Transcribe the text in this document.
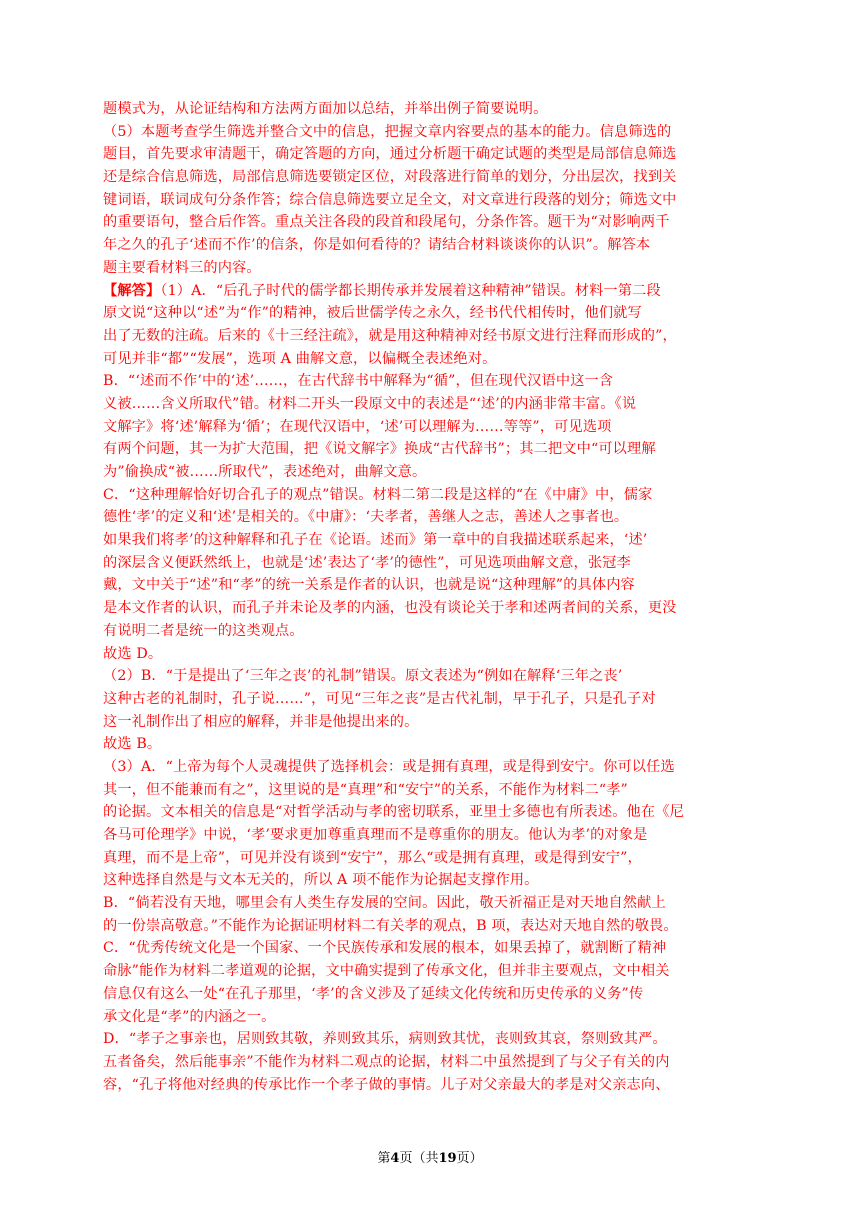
题模式为，从论证结构和方法两方面加以总结，并举出例子简要说明。
（5）本题考查学生筛选并整合文中的信息，把握文章内容要点的基本的能力。信息筛选的
题目，首先要求审清题干，确定答题的方向，通过分析题干确定试题的类型是局部信息筛选
还是综合信息筛选，局部信息筛选要锁定区位，对段落进行简单的划分，分出层次，找到关
键词语，联词成句分条作答；综合信息筛选要立足全文，对文章进行段落的划分；筛选文中
的重要语句，整合后作答。重点关注各段的段首和段尾句，分条作答。题干为“对影响两千
年之久的孔子‘述而不作’的信条，你是如何看待的？请结合材料谈谈你的认识”。解答本
题主要看材料三的内容。
【解答】（1）A．“后孔子时代的儒学都长期传承并发展着这种精神”错误。材料一第二段
原文说“这种以“述”为“作”的精神，被后世儒学传之永久，经书代代相传时，他们就写
出了无数的注疏。后来的《十三经注疏》，就是用这种精神对经书原文进行注释而形成的”，
可见并非“都”“发展”，选项 A 曲解文意，以偏概全表述绝对。
B．“‘述而不作’中的‘述’……，在古代辞书中解释为“循”，但在现代汉语中这一含
义被……含义所取代”错。材料二开头一段原文中的表述是“‘述’的内涵非常丰富。《说
文解字》将‘述’解释为‘循’；在现代汉语中，‘述’可以理解为……等等”，可见选项
有两个问题，其一为扩大范围，把《说文解字》换成“古代辞书”；其二把文中“可以理解
为”偷换成“被……所取代”，表述绝对，曲解文意。
C．“这种理解恰好切合孔子的观点”错误。材料二第二段是这样的“在《中庸》中，儒家
德性‘孝’的定义和‘述’是相关的。《中庸》：‘夫孝者，善继人之志，善述人之事者也。
如果我们将孝’的这种解释和孔子在《论语。述而》第一章中的自我描述联系起来，‘述’
的深层含义便跃然纸上，也就是‘述’表达了‘孝’的德性”，可见选项曲解文意，张冠李
戴，文中关于“述”和“孝”的统一关系是作者的认识，也就是说“这种理解”的具体内容
是本文作者的认识，而孔子并未论及孝的内涵，也没有谈论关于孝和述两者间的关系，更没
有说明二者是统一的这类观点。
故选 D。
（2）B．“于是提出了‘三年之丧’的礼制”错误。原文表述为“例如在解释‘三年之丧’
这种古老的礼制时，孔子说……”，可见“三年之丧”是古代礼制，早于孔子，只是孔子对
这一礼制作出了相应的解释，并非是他提出来的。
故选 B。
（3）A．“上帝为每个人灵魂提供了选择机会：或是拥有真理，或是得到安宁。你可以任选
其一，但不能兼而有之”，这里说的是“真理”和“安宁”的关系，不能作为材料二“孝”
的论据。文本相关的信息是“对哲学活动与孝的密切联系，亚里士多德也有所表述。他在《尼
各马可伦理学》中说，‘孝’要求更加尊重真理而不是尊重你的朋友。他认为孝’的对象是
真理，而不是上帝”，可见并没有谈到“安宁”，那么“或是拥有真理，或是得到安宁”，
这种选择自然是与文本无关的，所以 A 项不能作为论据起支撑作用。
B．“倘若没有天地，哪里会有人类生存发展的空间。因此，敬天祈福正是对天地自然献上
的一份崇高敬意。”不能作为论据证明材料二有关孝的观点，B 项，表达对天地自然的敬畏。
C．“优秀传统文化是一个国家、一个民族传承和发展的根本，如果丢掉了，就割断了精神
命脉”能作为材料二孝道观的论据，文中确实提到了传承文化，但并非主要观点，文中相关
信息仅有这么一处“在孔子那里，‘孝’的含义涉及了延续文化传统和历史传承的义务”传
承文化是“孝”的内涵之一。
D．“孝子之事亲也，居则致其敬，养则致其乐，病则致其忧，丧则致其哀，祭则致其严。
五者备矣，然后能事亲”不能作为材料二观点的论据，材料二中虽然提到了与父子有关的内
容，“孔子将他对经典的传承比作一个孝子做的事情。儿子对父亲最大的孝是对父亲志向、
第4页（共19页）
